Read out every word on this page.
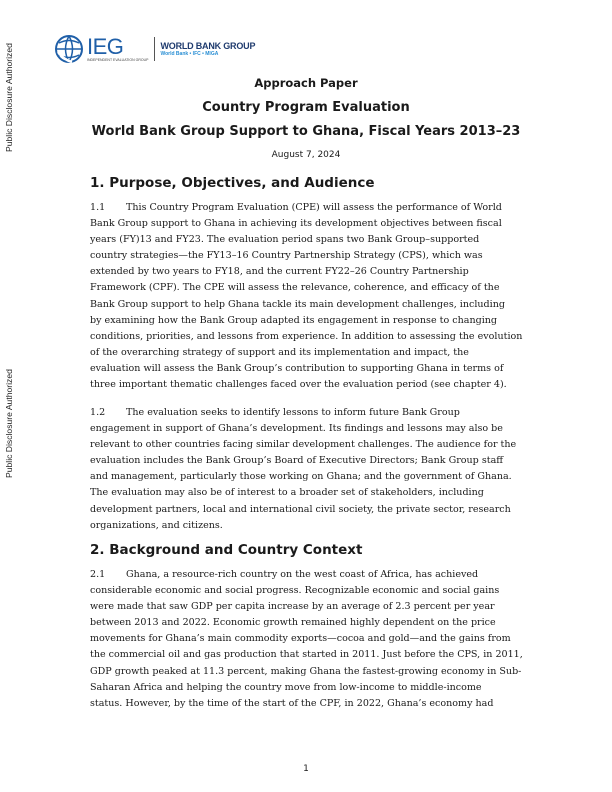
Public Disclosure Authorized
Public Disclosure Authorized
IEG
INDEPENDENT EVALUATION GROUP
WORLD BANK GROUP
World Bank • IFC • MIGA
Approach Paper
Country Program Evaluation
World Bank Group Support to Ghana, Fiscal Years 2013–23
August 7, 2024
1. Purpose, Objectives, and Audience
1.1 This Country Program Evaluation (CPE) will assess the performance of World
Bank Group support to Ghana in achieving its development objectives between fiscal
years (FY)13 and FY23. The evaluation period spans two Bank Group–supported
country strategies—the FY13–16 Country Partnership Strategy (CPS), which was
extended by two years to FY18, and the current FY22–26 Country Partnership
Framework (CPF). The CPE will assess the relevance, coherence, and efficacy of the
Bank Group support to help Ghana tackle its main development challenges, including
by examining how the Bank Group adapted its engagement in response to changing
conditions, priorities, and lessons from experience. In addition to assessing the evolution
of the overarching strategy of support and its implementation and impact, the
evaluation will assess the Bank Group’s contribution to supporting Ghana in terms of
three important thematic challenges faced over the evaluation period (see chapter 4).
1.2 The evaluation seeks to identify lessons to inform future Bank Group
engagement in support of Ghana’s development. Its findings and lessons may also be
relevant to other countries facing similar development challenges. The audience for the
evaluation includes the Bank Group’s Board of Executive Directors; Bank Group staff
and management, particularly those working on Ghana; and the government of Ghana.
The evaluation may also be of interest to a broader set of stakeholders, including
development partners, local and international civil society, the private sector, research
organizations, and citizens.
2. Background and Country Context
2.1 Ghana, a resource-rich country on the west coast of Africa, has achieved
considerable economic and social progress. Recognizable economic and social gains
were made that saw GDP per capita increase by an average of 2.3 percent per year
between 2013 and 2022. Economic growth remained highly dependent on the price
movements for Ghana’s main commodity exports—cocoa and gold—and the gains from
the commercial oil and gas production that started in 2011. Just before the CPS, in 2011,
GDP growth peaked at 11.3 percent, making Ghana the fastest-growing economy in Sub-
Saharan Africa and helping the country move from low-income to middle-income
status. However, by the time of the start of the CPF, in 2022, Ghana’s economy had
1
